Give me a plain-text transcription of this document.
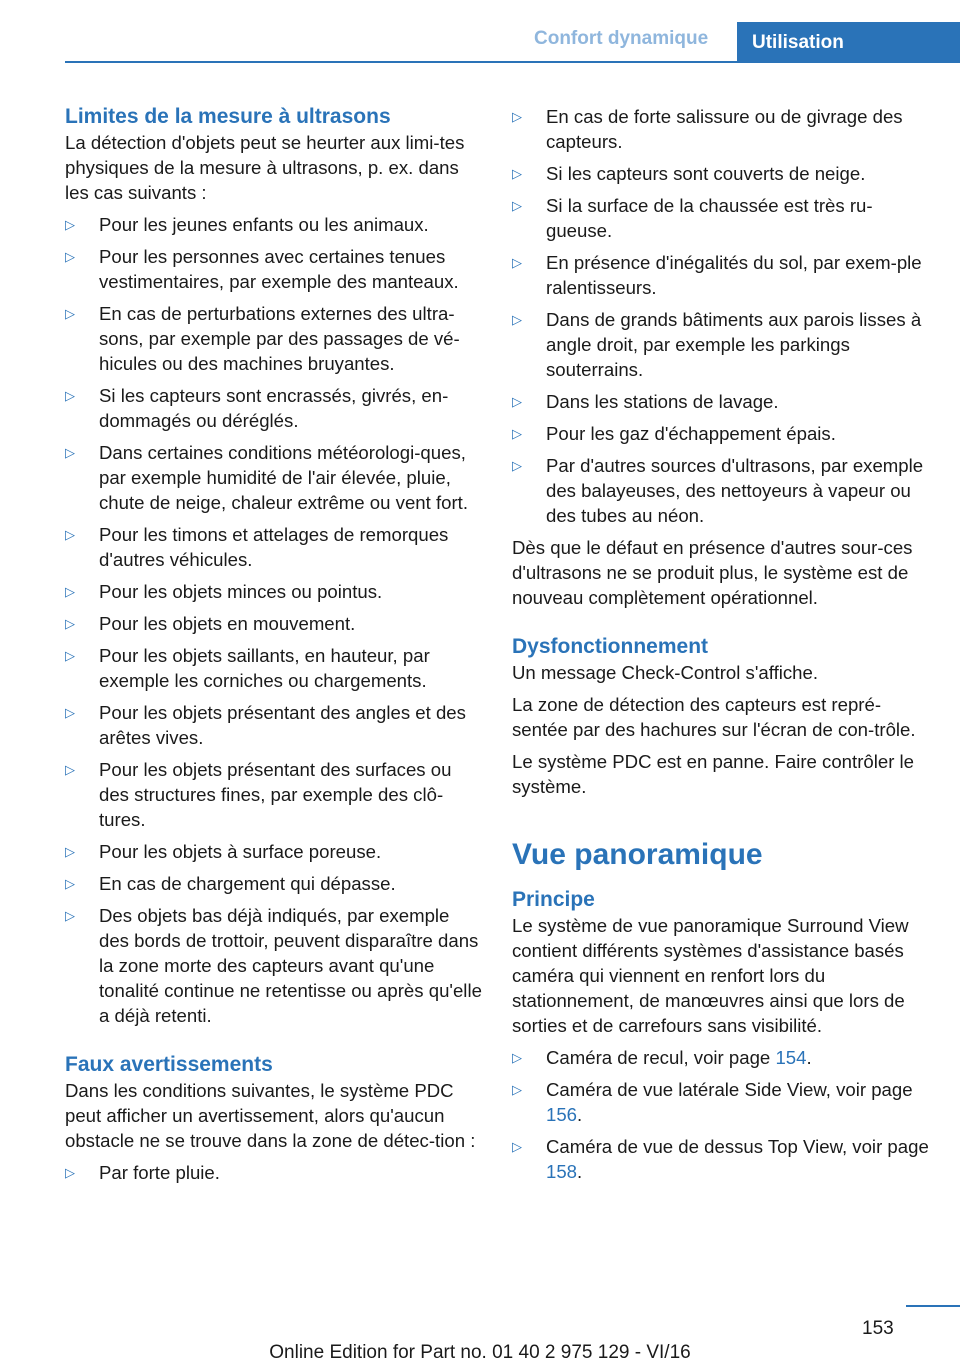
Confort dynamique	Utilisation
Limites de la mesure à ultrasons

La détection d'objets peut se heurter aux limi‐tes physiques de la mesure à ultrasons, p. ex. dans les cas suivants :

▷ Pour les jeunes enfants ou les animaux.
▷ Pour les personnes avec certaines tenues vestimentaires, par exemple des manteaux.
▷ En cas de perturbations externes des ultra‐sons, par exemple par des passages de vé‐hicules ou des machines bruyantes.
▷ Si les capteurs sont encrassés, givrés, en‐dommagés ou déréglés.
▷ Dans certaines conditions météorologi‐ques, par exemple humidité de l'air élevée, pluie, chute de neige, chaleur extrême ou vent fort.
▷ Pour les timons et attelages de remorques d'autres véhicules.
▷ Pour les objets minces ou pointus.
▷ Pour les objets en mouvement.
▷ Pour les objets saillants, en hauteur, par exemple les corniches ou chargements.
▷ Pour les objets présentant des angles et des arêtes vives.
▷ Pour les objets présentant des surfaces ou des structures fines, par exemple des clô‐tures.
▷ Pour les objets à surface poreuse.
▷ En cas de chargement qui dépasse.
▷ Des objets bas déjà indiqués, par exemple des bords de trottoir, peuvent disparaître dans la zone morte des capteurs avant qu'une tonalité continue ne retentisse ou après qu'elle a déjà retenti.
Faux avertissements

Dans les conditions suivantes, le système PDC peut afficher un avertissement, alors qu'aucun obstacle ne se trouve dans la zone de détec‐tion :

▷ Par forte pluie.
▷ En cas de forte salissure ou de givrage des capteurs.
▷ Si les capteurs sont couverts de neige.
▷ Si la surface de la chaussée est très ru‐gueuse.
▷ En présence d'inégalités du sol, par exem‐ple ralentisseurs.
▷ Dans de grands bâtiments aux parois lisses à angle droit, par exemple les parkings souterrains.
▷ Dans les stations de lavage.
▷ Pour les gaz d'échappement épais.
▷ Par d'autres sources d'ultrasons, par exemple des balayeuses, des nettoyeurs à vapeur ou des tubes au néon.

Dès que le défaut en présence d'autres sour‐ces d'ultrasons ne se produit plus, le système est de nouveau complètement opérationnel.

Dysfonctionnement

Un message Check-Control s'affiche.

La zone de détection des capteurs est repré‐sentée par des hachures sur l'écran de con‐trôle.

Le système PDC est en panne. Faire contrôler le système.

Vue panoramique
Principe

Le système de vue panoramique Surround View contient différents systèmes d'assistance basés caméra qui viennent en renfort lors du stationnement, de manœuvres ainsi que lors de sorties et de carrefours sans visibilité.

▷ Caméra de recul, voir page 154.
▷ Caméra de vue latérale Side View, voir page 156.
▷ Caméra de vue de dessus Top View, voir page 158.
153
Online Edition for Part no. 01 40 2 975 129 - VI/16
